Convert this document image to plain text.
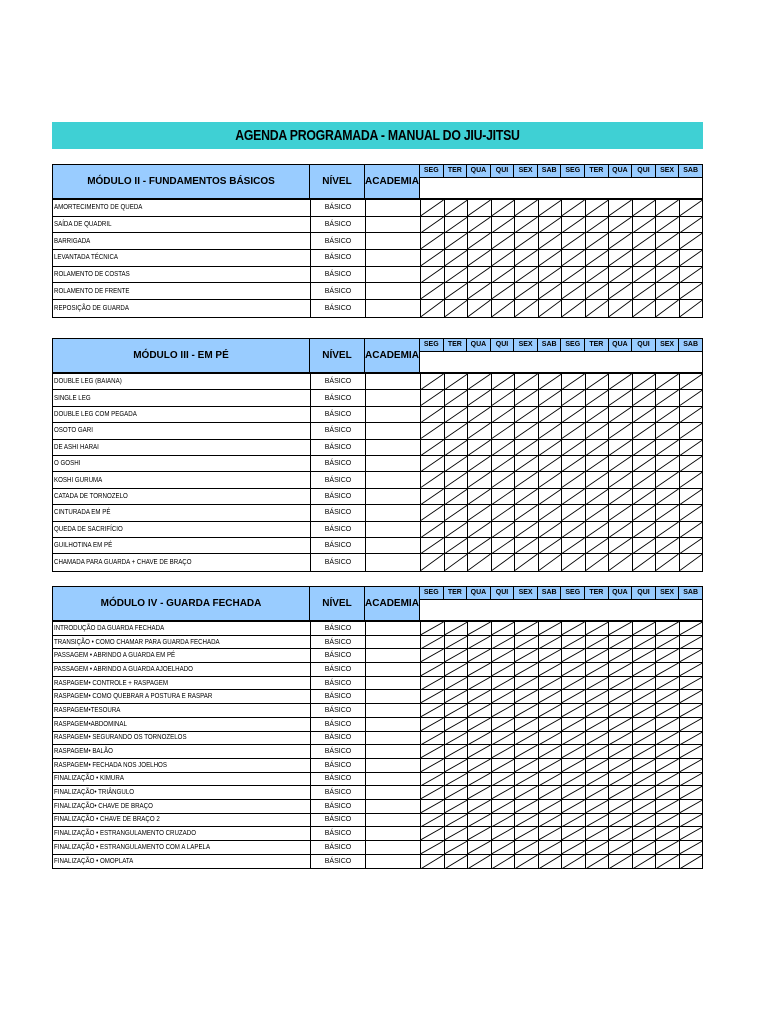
AGENDA PROGRAMADA - MANUAL DO JIU-JITSU
MÓDULO II - FUNDAMENTOS BÁSICOS	NÍVEL	ACADEMIA
SEG	TER	QUA	QUI	SEX	SAB	SEG	TER	QUA	QUI	SEX	SAB
AMORTECIMENTO DE QUEDA	BÁSICO
SAÍDA DE QUADRIL	BÁSICO
BARRIGADA	BÁSICO
LEVANTADA TÉCNICA	BÁSICO
ROLAMENTO DE COSTAS	BÁSICO
ROLAMENTO DE FRENTE	BÁSICO
REPOSIÇÃO DE GUARDA	BÁSICO
MÓDULO III - EM PÉ	NÍVEL	ACADEMIA
SEG	TER	QUA	QUI	SEX	SAB	SEG	TER	QUA	QUI	SEX	SAB
DOUBLE LEG (BAIANA)	BÁSICO
SINGLE LEG	BÁSICO
DOUBLE LEG COM PEGADA	BÁSICO
OSOTO GARI	BÁSICO
DE ASHI HARAI	BÁSICO
O GOSHI	BÁSICO
KOSHI GURUMA	BÁSICO
CATADA DE TORNOZELO	BÁSICO
CINTURADA EM PÉ	BÁSICO
QUEDA DE SACRIFÍCIO	BÁSICO
GUILHOTINA EM PÉ	BÁSICO
CHAMADA PARA GUARDA + CHAVE DE BRAÇO	BÁSICO
MÓDULO IV - GUARDA FECHADA	NÍVEL	ACADEMIA
SEG	TER	QUA	QUI	SEX	SAB	SEG	TER	QUA	QUI	SEX	SAB
INTRODUÇÃO DA GUARDA FECHADA	BÁSICO
TRANSIÇÃO • COMO CHAMAR PARA GUARDA FECHADA	BÁSICO
PASSAGEM • ABRINDO A GUARDA EM PÉ	BÁSICO
PASSAGEM • ABRINDO A GUARDA AJOELHADO	BÁSICO
RASPAGEM• CONTROLE + RASPAGEM	BÁSICO
RASPAGEM• COMO QUEBRAR A POSTURA E RASPAR	BÁSICO
RASPAGEM•TESOURA	BÁSICO
RASPAGEM•ABDOMINAL	BÁSICO
RASPAGEM• SEGURANDO OS TORNOZELOS	BÁSICO
RASPAGEM• BALÃO	BÁSICO
RASPAGEM• FECHADA NOS JOELHOS	BÁSICO
FINALIZAÇÃO • KIMURA	BÁSICO
FINALIZAÇÃO• TRIÂNGULO	BÁSICO
FINALIZAÇÃO• CHAVE DE BRAÇO	BÁSICO
FINALIZAÇÃO • CHAVE DE BRAÇO 2	BÁSICO
FINALIZAÇÃO • ESTRANGULAMENTO CRUZADO	BÁSICO
FINALIZAÇÃO • ESTRANGULAMENTO COM A LAPELA	BÁSICO
FINALIZAÇÃO • OMOPLATA	BÁSICO
